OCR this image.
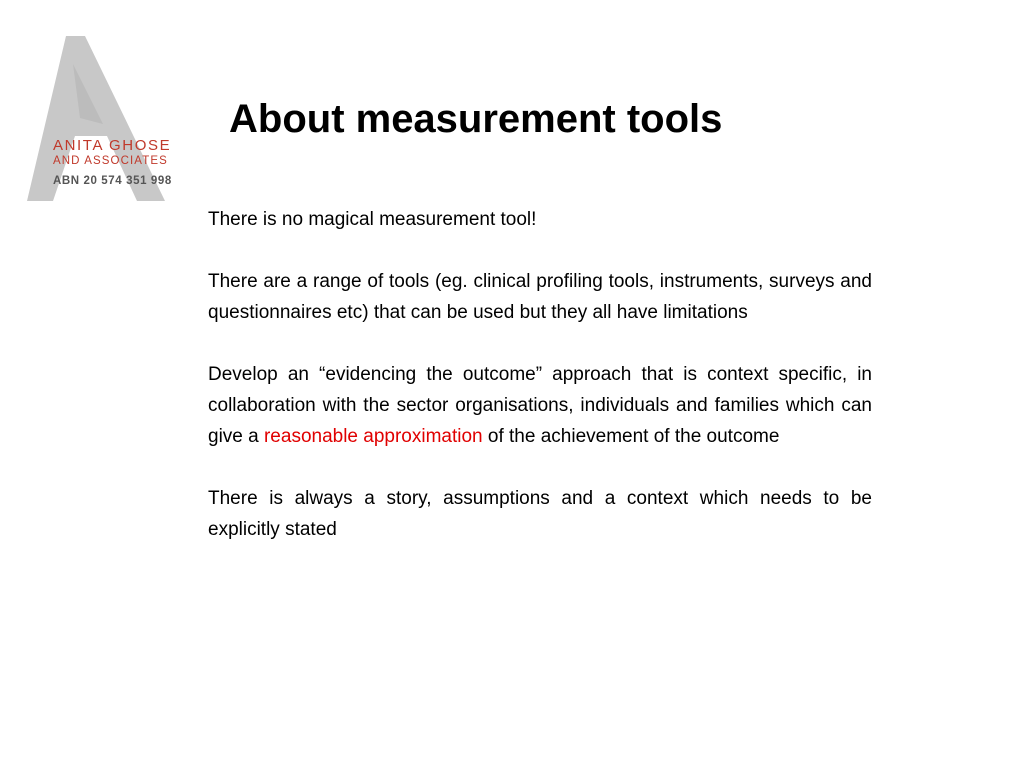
ANITA GHOSE
AND ASSOCIATES
ABN 20 574 351 998
About measurement tools

There is no magical measurement tool!

There are a range of tools (eg. clinical profiling tools, instruments, surveys and questionnaires etc) that can be used but they all have limitations

Develop an “evidencing the outcome” approach that is context specific, in collaboration with the sector organisations, individuals and families which can give a reasonable approximation of the achievement of the outcome

There is always a story, assumptions and a context which needs to be explicitly stated
